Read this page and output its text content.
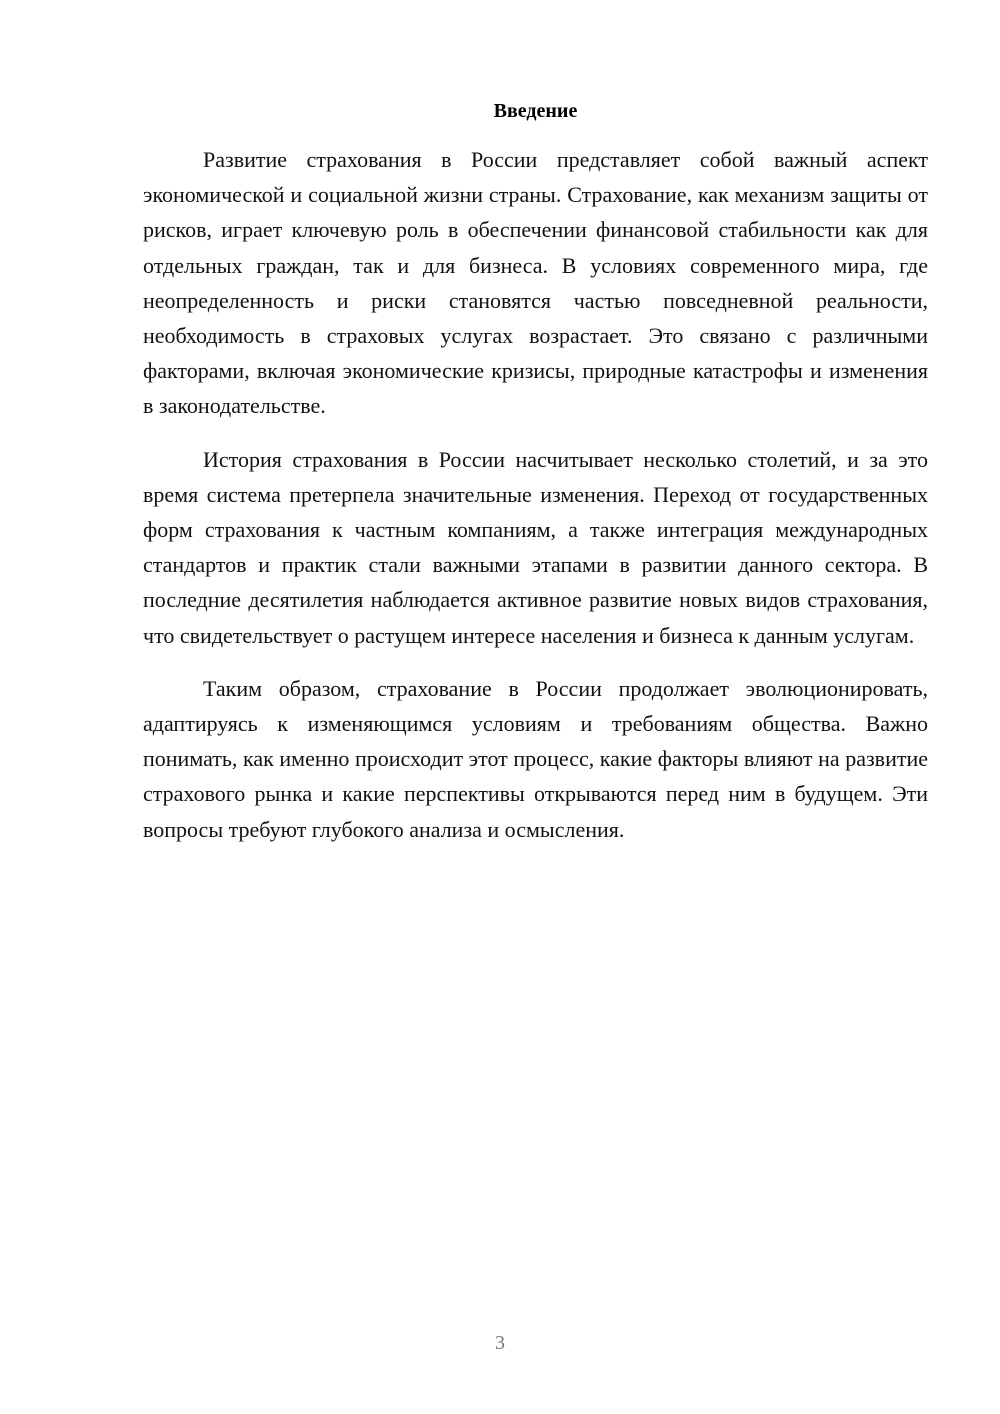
Введение

Развитие страхования в России представляет собой важный аспект экономической и социальной жизни страны. Страхование, как механизм защиты от рисков, играет ключевую роль в обеспечении финансовой стабильности как для отдельных граждан, так и для бизнеса. В условиях современного мира, где неопределенность и риски становятся частью повседневной реальности, необходимость в страховых услугах возрастает. Это связано с различными факторами, включая экономические кризисы, природные катастрофы и изменения в законодательстве.

История страхования в России насчитывает несколько столетий, и за это время система претерпела значительные изменения. Переход от государственных форм страхования к частным компаниям, а также интеграция международных стандартов и практик стали важными этапами в развитии данного сектора. В последние десятилетия наблюдается активное развитие новых видов страхования, что свидетельствует о растущем интересе населения и бизнеса к данным услугам.

Таким образом, страхование в России продолжает эволюционировать, адаптируясь к изменяющимся условиям и требованиям общества. Важно понимать, как именно происходит этот процесс, какие факторы влияют на развитие страхового рынка и какие перспективы открываются перед ним в будущем. Эти вопросы требуют глубокого анализа и осмысления.

3
